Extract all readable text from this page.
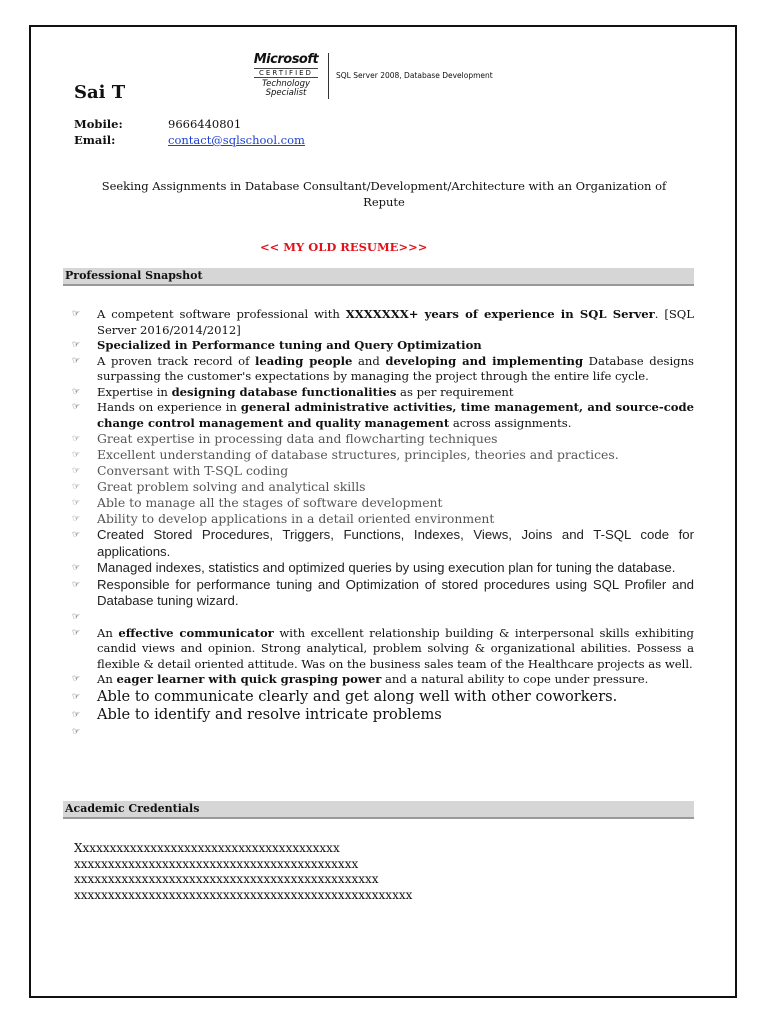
Sai T
Microsoft
CERTIFIED
Technology
Specialist
SQL Server 2008, Database Development
Mobile:	9666440801
Email:	contact@sqlschool.com
Seeking Assignments in Database Consultant/Development/Architecture with an Organization of Repute
<< MY OLD RESUME>>>
Professional Snapshot
☞ A competent software professional with XXXXXXX+ years of experience in SQL Server. [SQL Server 2016/2014/2012]
☞ Specialized in Performance tuning and Query Optimization
☞ A proven track record of leading people and developing and implementing Database designs surpassing the customer's expectations by managing the project through the entire life cycle.
☞ Expertise in designing database functionalities as per requirement
☞ Hands on experience in general administrative activities, time management, and source-code change control management and quality management across assignments.
☞ Great expertise in processing data and flowcharting techniques
☞ Excellent understanding of database structures, principles, theories and practices.
☞ Conversant with T-SQL coding
☞ Great problem solving and analytical skills
☞ Able to manage all the stages of software development
☞ Ability to develop applications in a detail oriented environment
☞ Created Stored Procedures, Triggers, Functions, Indexes, Views, Joins and T-SQL code for applications.
☞ Managed indexes, statistics and optimized queries by using execution plan for tuning the database.
☞ Responsible for performance tuning and Optimization of stored procedures using SQL Profiler and Database tuning wizard.
☞
☞ An effective communicator with excellent relationship building & interpersonal skills exhibiting candid views and opinion. Strong analytical, problem solving & organizational abilities. Possess a flexible & detail oriented attitude. Was on the business sales team of the Healthcare projects as well.
☞ An eager learner with quick grasping power and a natural ability to cope under pressure.
☞ Able to communicate clearly and get along well with other coworkers.
☞ Able to identify and resolve intricate problems
☞
Academic Credentials
Xxxxxxxxxxxxxxxxxxxxxxxxxxxxxxxxxxxxxxx
xxxxxxxxxxxxxxxxxxxxxxxxxxxxxxxxxxxxxxxxxx
xxxxxxxxxxxxxxxxxxxxxxxxxxxxxxxxxxxxxxxxxxxxx
xxxxxxxxxxxxxxxxxxxxxxxxxxxxxxxxxxxxxxxxxxxxxxxxxx
